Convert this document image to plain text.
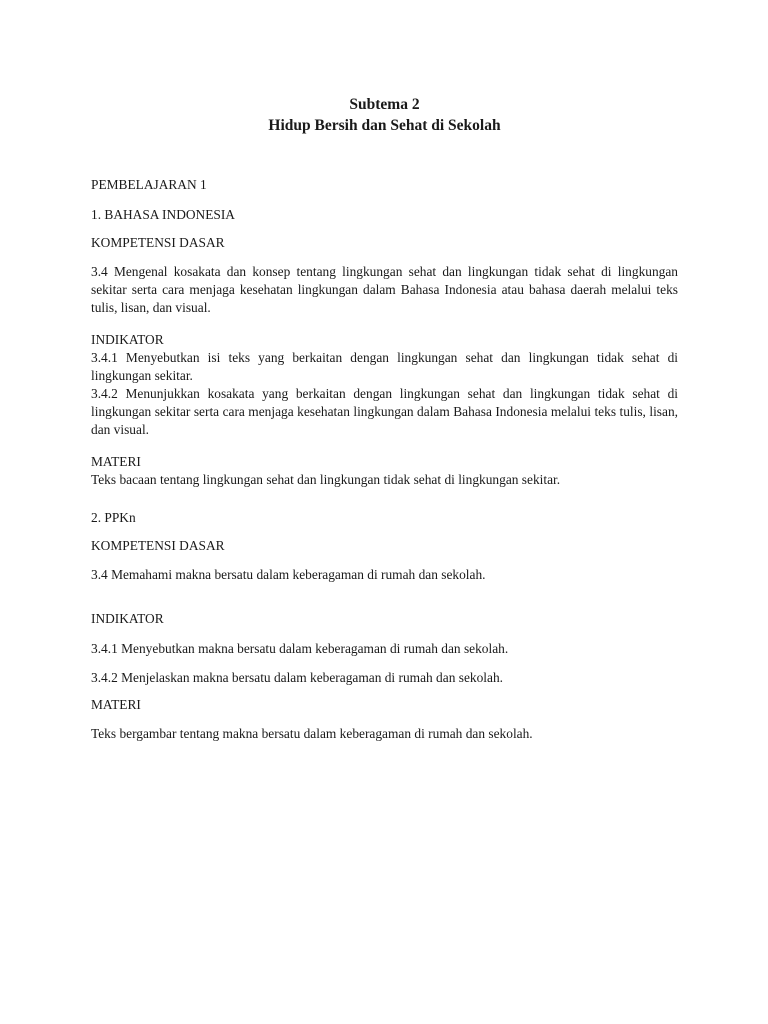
Subtema 2
Hidup Bersih dan Sehat di Sekolah

PEMBELAJARAN 1

1. BAHASA INDONESIA

KOMPETENSI DASAR

3.4 Mengenal kosakata dan konsep tentang lingkungan sehat dan lingkungan tidak sehat di lingkungan sekitar serta cara menjaga kesehatan lingkungan dalam Bahasa Indonesia atau bahasa daerah melalui teks tulis, lisan, dan visual.

INDIKATOR

3.4.1 Menyebutkan isi teks yang berkaitan dengan lingkungan sehat dan lingkungan tidak sehat di lingkungan sekitar.

3.4.2 Menunjukkan kosakata yang berkaitan dengan lingkungan sehat dan lingkungan tidak sehat di lingkungan sekitar serta cara menjaga kesehatan lingkungan dalam Bahasa Indonesia melalui teks tulis, lisan, dan visual.

MATERI

Teks bacaan tentang lingkungan sehat dan lingkungan tidak sehat di lingkungan sekitar.

2. PPKn

KOMPETENSI DASAR

3.4 Memahami makna bersatu dalam keberagaman di rumah dan sekolah.

INDIKATOR

3.4.1 Menyebutkan makna bersatu dalam keberagaman di rumah dan sekolah.

3.4.2 Menjelaskan makna bersatu dalam keberagaman di rumah dan sekolah.

MATERI

Teks bergambar tentang makna bersatu dalam keberagaman di rumah dan sekolah.
